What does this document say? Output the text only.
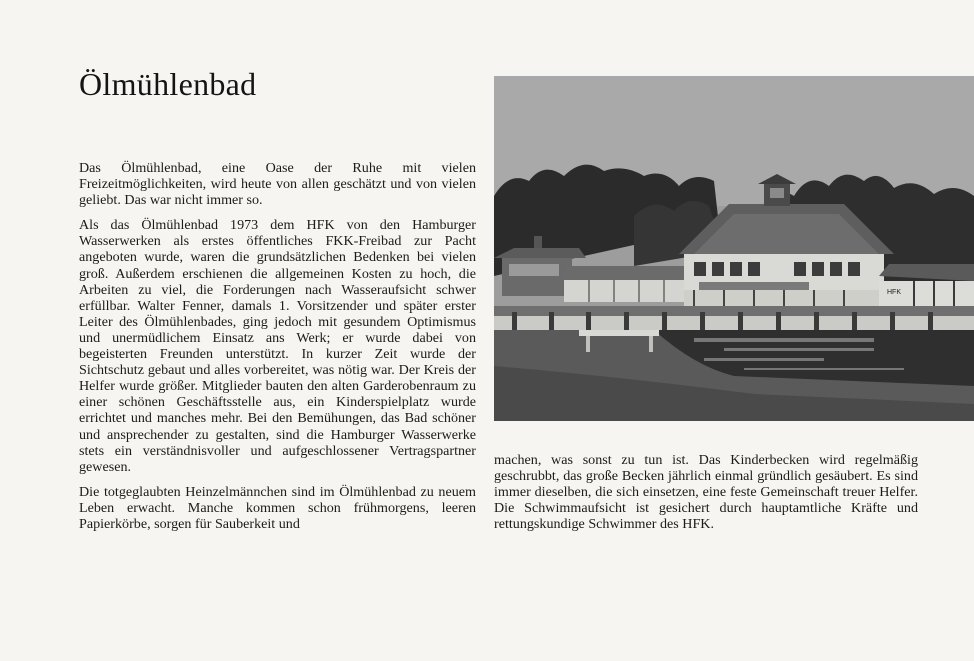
Ölmühlenbad

Das Ölmühlenbad, eine Oase der Ruhe mit vielen Freizeitmöglichkeiten, wird heute von allen geschätzt und von vielen geliebt. Das war nicht immer so.

Als das Ölmühlenbad 1973 dem HFK von den Hamburger Wasserwerken als erstes öffentliches FKK-Freibad zur Pacht angeboten wurde, waren die grundsätzlichen Bedenken bei vielen groß. Außerdem erschienen die allgemeinen Kosten zu hoch, die Arbeiten zu viel, die Forderungen nach Wasseraufsicht schwer erfüllbar. Walter Fenner, damals 1. Vorsitzender und später erster Leiter des Ölmühlenbades, ging jedoch mit gesundem Optimismus und unermüdlichem Einsatz ans Werk; er wurde dabei von begeisterten Freunden unterstützt. In kurzer Zeit wurde der Sichtschutz gebaut und alles vorbereitet, was nötig war. Der Kreis der Helfer wurde größer. Mitglieder bauten den alten Garderobenraum zu einer schönen Geschäftsstelle aus, ein Kinderspielplatz wurde errichtet und manches mehr. Bei den Bemühungen, das Bad schöner und ansprechender zu gestalten, sind die Hamburger Wasserwerke stets ein verständnisvoller und aufgeschlossener Vertragspartner gewesen.

Die totgeglaubten Heinzelmännchen sind im Ölmühlenbad zu neuem Leben erwacht. Manche kommen schon frühmorgens, leeren Papierkörbe, sorgen für Sauberkeit und

HFK

machen, was sonst zu tun ist. Das Kinderbecken wird regelmäßig geschrubbt, das große Becken jährlich einmal gründlich gesäubert. Es sind immer dieselben, die sich einsetzen, eine feste Gemeinschaft treuer Helfer. Die Schwimmaufsicht ist gesichert durch hauptamtliche Kräfte und rettungskundige Schwimmer des HFK.
